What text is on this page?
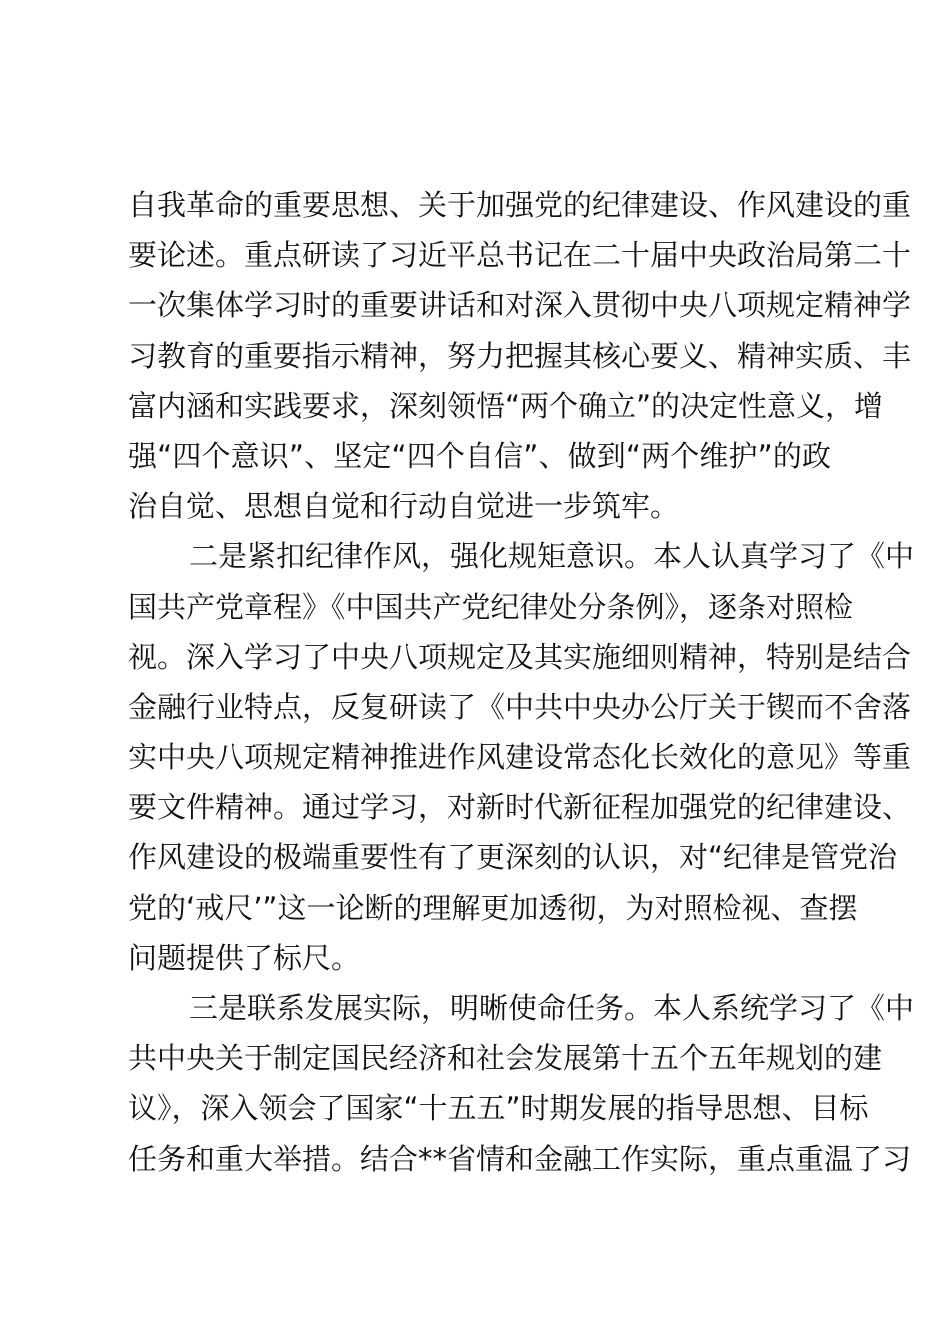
自我革命的重要思想、关于加强党的纪律建设、作风建设的重
要论述。重点研读了习近平总书记在二十届中央政治局第二十
一次集体学习时的重要讲话和对深入贯彻中央八项规定精神学
习教育的重要指示精神，努力把握其核心要义、精神实质、丰
富内涵和实践要求，深刻领悟“两个确立”的决定性意义，增
强“四个意识”、坚定“四个自信”、做到“两个维护”的政
治自觉、思想自觉和行动自觉进一步筑牢。
二是紧扣纪律作风，强化规矩意识。本人认真学习了《中
国共产党章程》《中国共产党纪律处分条例》，逐条对照检
视。深入学习了中央八项规定及其实施细则精神，特别是结合
金融行业特点，反复研读了《中共中央办公厅关于锲而不舍落
实中央八项规定精神推进作风建设常态化长效化的意见》等重
要文件精神。通过学习，对新时代新征程加强党的纪律建设、
作风建设的极端重要性有了更深刻的认识，对“纪律是管党治
党的‘戒尺’”这一论断的理解更加透彻，为对照检视、查摆
问题提供了标尺。
三是联系发展实际，明晰使命任务。本人系统学习了《中
共中央关于制定国民经济和社会发展第十五个五年规划的建
议》，深入领会了国家“十五五”时期发展的指导思想、目标
任务和重大举措。结合**省情和金融工作实际，重点重温了习
